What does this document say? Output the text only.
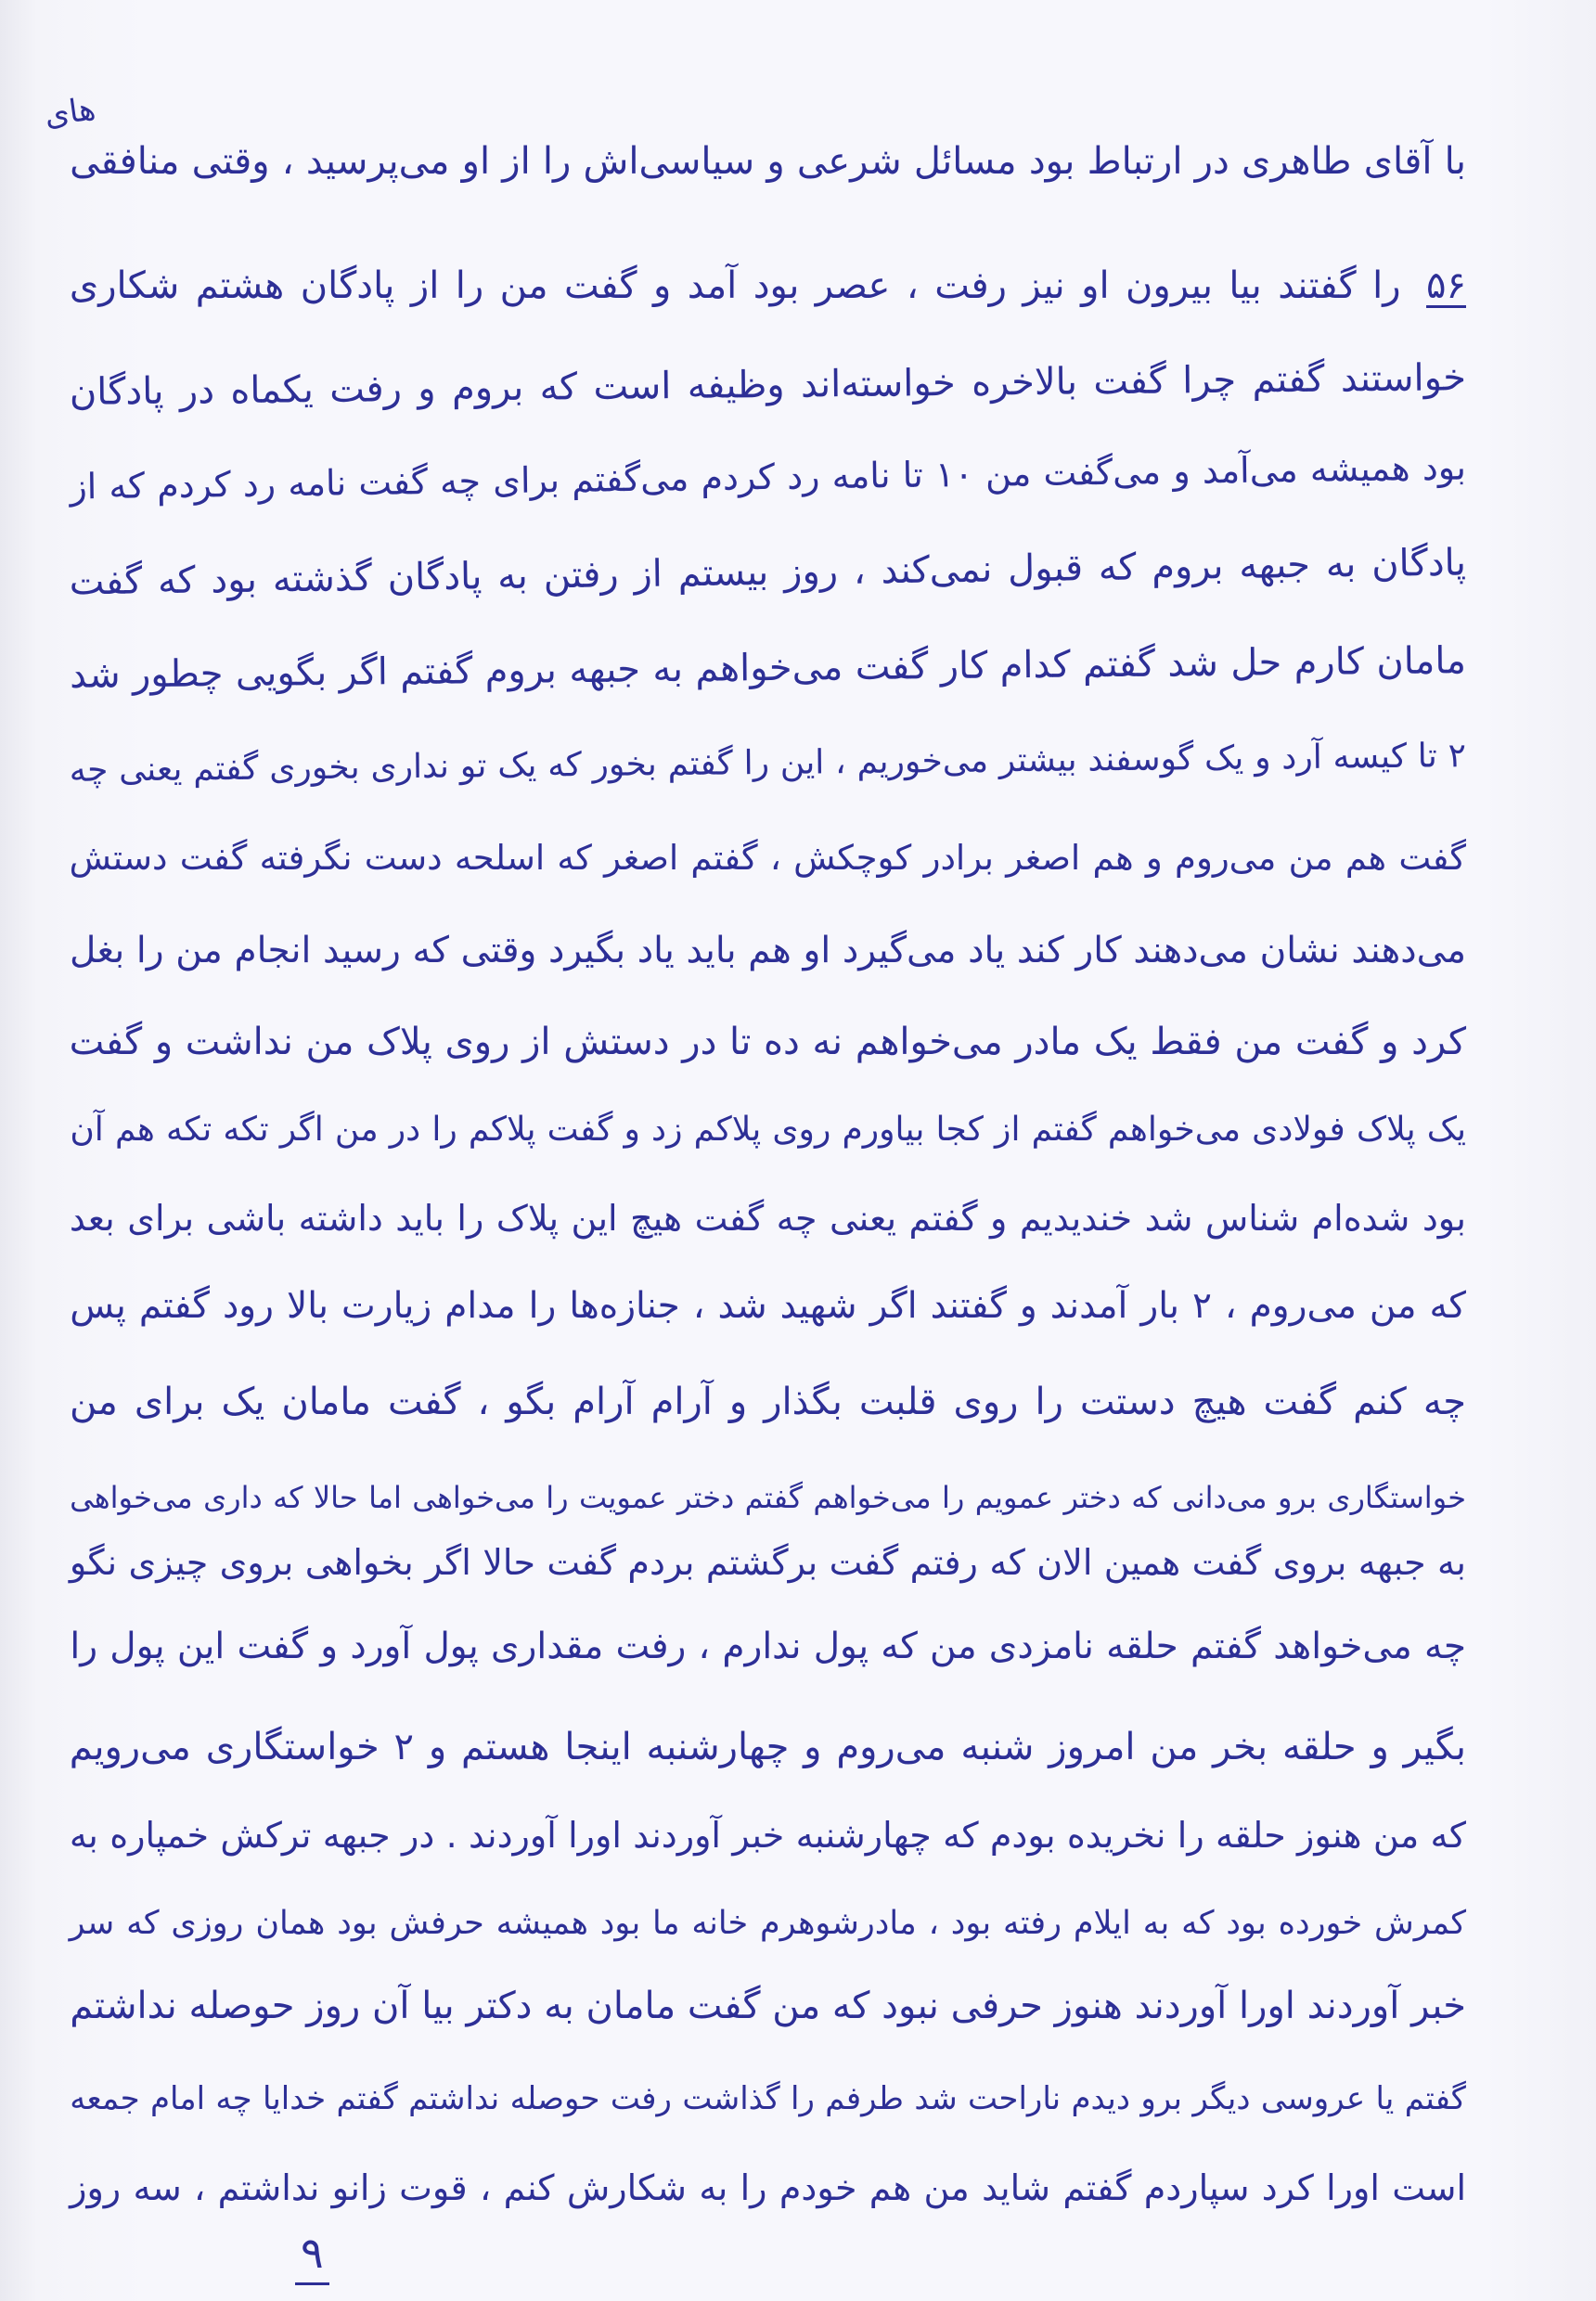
های
با آقای طاهری در ارتباط بود مسائل شرعی و سیاسی‌اش را از او می‌پرسید ، وقتی منافقی
۵۶ را گفتند بیا بیرون او نیز رفت ، عصر بود آمد و گفت من را از پادگان هشتم شکاری
خواستند گفتم چرا گفت بالاخره خواسته‌اند وظیفه است که بروم و رفت یکماه در پادگان
بود همیشه می‌آمد و می‌گفت من ۱۰ تا نامه رد کردم می‌گفتم برای چه گفت نامه رد کردم که از
پادگان به جبهه بروم که قبول نمی‌کند ، روز بیستم از رفتن به پادگان گذشته بود که گفت
مامان کارم حل شد گفتم کدام کار گفت می‌خواهم به جبهه بروم گفتم اگر بگویی چطور شد
۲ تا کیسه آرد و یک گوسفند بیشتر می‌خوریم ، این را گفتم بخور که یک تو نداری بخوری گفتم یعنی چه
گفت هم من می‌روم و هم اصغر برادر کوچکش ، گفتم اصغر که اسلحه دست نگرفته گفت دستش
می‌دهند نشان می‌دهند کار کند یاد می‌گیرد او هم باید یاد بگیرد وقتی که رسید انجام من را بغل
کرد و گفت من فقط یک مادر می‌خواهم نه ده تا در دستش از روی پلاک من نداشت و گفت
یک پلاک فولادی می‌خواهم گفتم از کجا بیاورم روی پلاکم زد و گفت پلاکم را در من اگر تکه تکه هم آن
بود شده‌ام شناس شد خندیدیم و گفتم یعنی چه گفت هیچ این پلاک را باید داشته باشی برای بعد
که من می‌روم ، ۲ بار آمدند و گفتند اگر شهید شد ، جنازه‌ها را مدام زیارت بالا رود گفتم پس
چه کنم گفت هیچ دستت را روی قلبت بگذار و آرام آرام بگو ، گفت مامان یک برای من
خواستگاری برو می‌دانی که دختر عمویم را می‌خواهم گفتم دختر عمویت را می‌خواهی اما حالا که داری می‌خواهی
به جبهه بروی گفت همین الان که رفتم گفت برگشتم بردم گفت حالا اگر بخواهی بروی چیزی نگو
چه می‌خواهد گفتم حلقه نامزدی من که پول ندارم ، رفت مقداری پول آورد و گفت این پول را
بگیر و حلقه بخر من امروز شنبه می‌روم و چهارشنبه اینجا هستم و ۲ خواستگاری می‌رویم
که من هنوز حلقه را نخریده بودم که چهارشنبه خبر آوردند اورا آوردند . در جبهه ترکش خمپاره به
کمرش خورده بود که به ایلام رفته بود ، مادرشوهرم خانه ما بود همیشه حرفش بود همان روزی که سر
خبر آوردند اورا آوردند هنوز حرفی نبود که من گفت مامان به دکتر بیا آن روز حوصله نداشتم
گفتم یا عروسی دیگر برو دیدم ناراحت شد طرفم را گذاشت رفت حوصله نداشتم گفتم خدایا چه امام جمعه
است اورا کرد سپاردم گفتم شاید من هم خودم را به شکارش کنم ، قوت زانو نداشتم ، سه روز
۹
